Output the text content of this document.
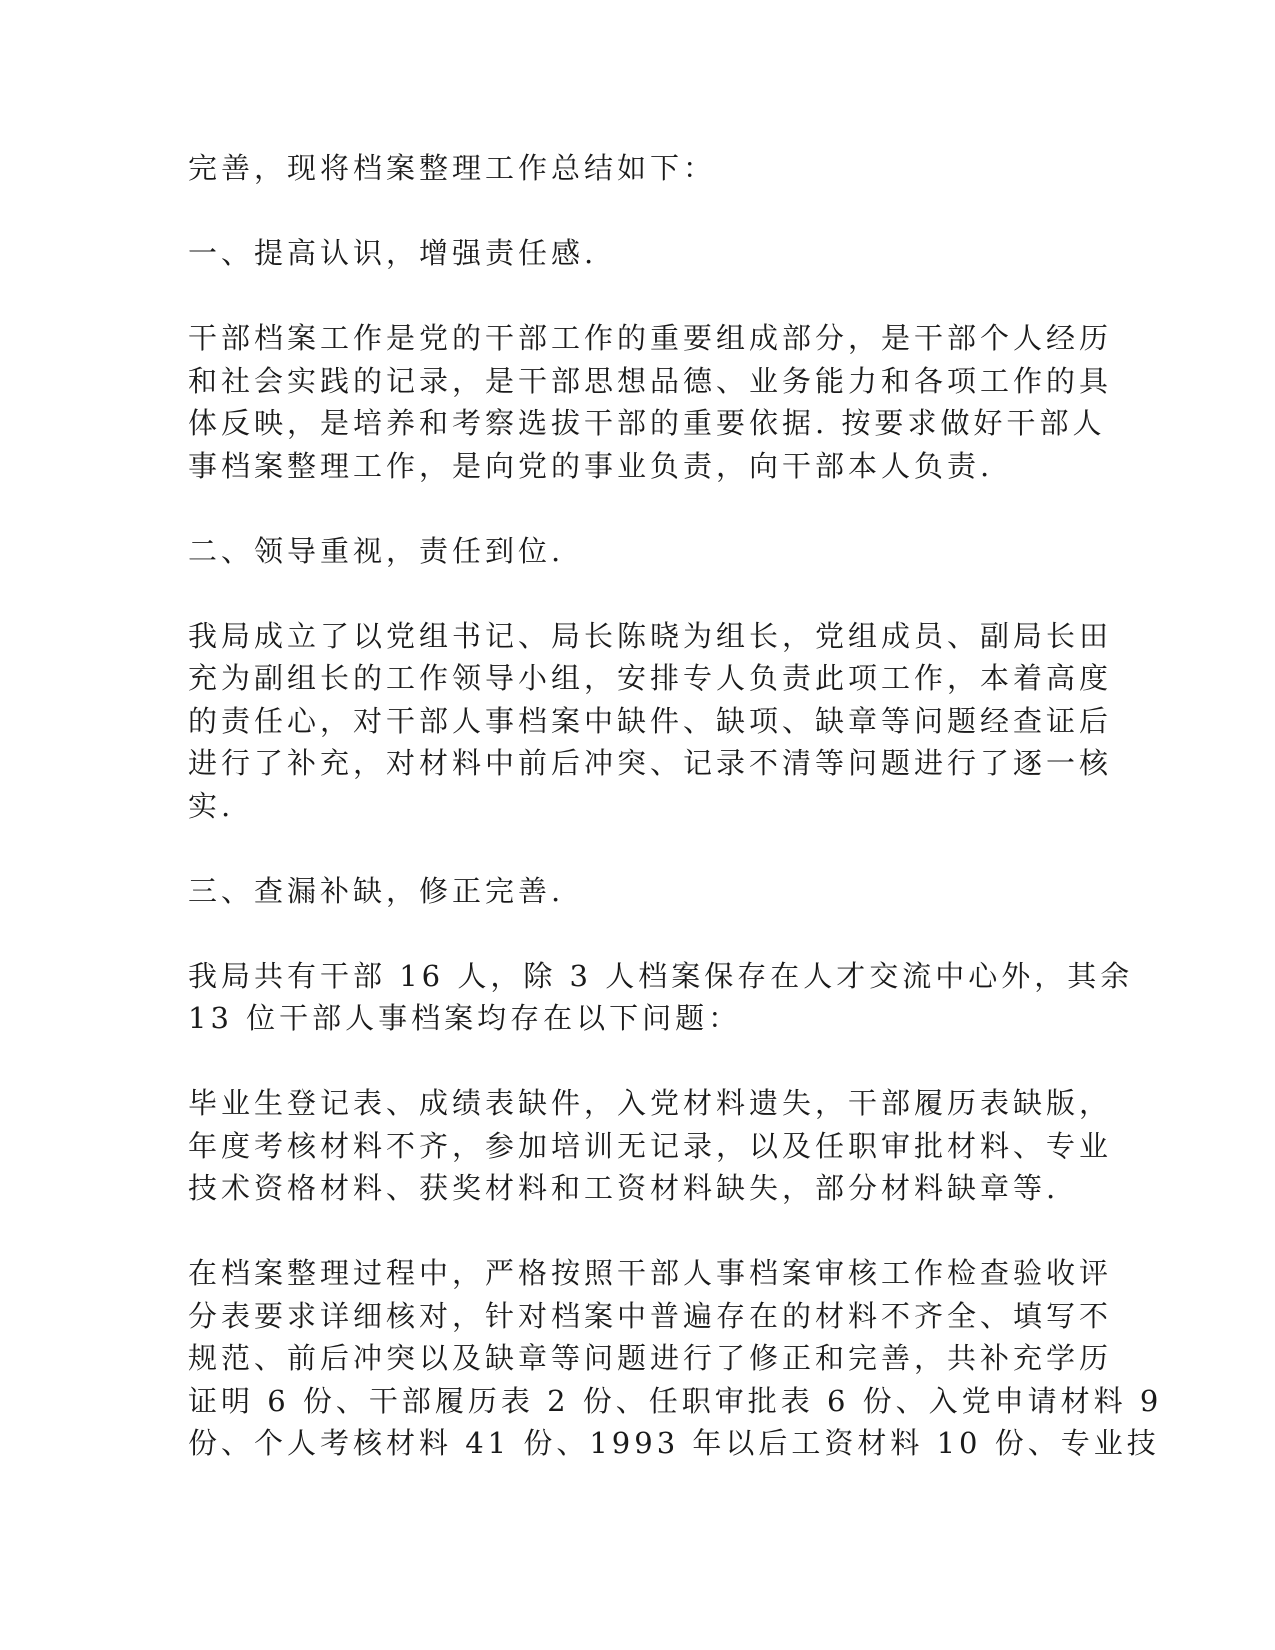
完善，现将档案整理工作总结如下：
一、提高认识，增强责任感.
干部档案工作是党的干部工作的重要组成部分，是干部个人经历
和社会实践的记录，是干部思想品德、业务能力和各项工作的具
体反映，是培养和考察选拔干部的重要依据. 按要求做好干部人
事档案整理工作，是向党的事业负责，向干部本人负责.
二、领导重视，责任到位.
我局成立了以党组书记、局长陈晓为组长，党组成员、副局长田
充为副组长的工作领导小组，安排专人负责此项工作，本着高度
的责任心，对干部人事档案中缺件、缺项、缺章等问题经查证后
进行了补充，对材料中前后冲突、记录不清等问题进行了逐一核
实.
三、查漏补缺，修正完善.
我局共有干部 16 人，除 3 人档案保存在人才交流中心外，其余
13 位干部人事档案均存在以下问题：
毕业生登记表、成绩表缺件，入党材料遗失，干部履历表缺版，
年度考核材料不齐，参加培训无记录，以及任职审批材料、专业
技术资格材料、获奖材料和工资材料缺失，部分材料缺章等.
在档案整理过程中，严格按照干部人事档案审核工作检查验收评
分表要求详细核对，针对档案中普遍存在的材料不齐全、填写不
规范、前后冲突以及缺章等问题进行了修正和完善，共补充学历
证明 6 份、干部履历表 2 份、任职审批表 6 份、入党申请材料 9
份、个人考核材料 41 份、1993 年以后工资材料 10 份、专业技
